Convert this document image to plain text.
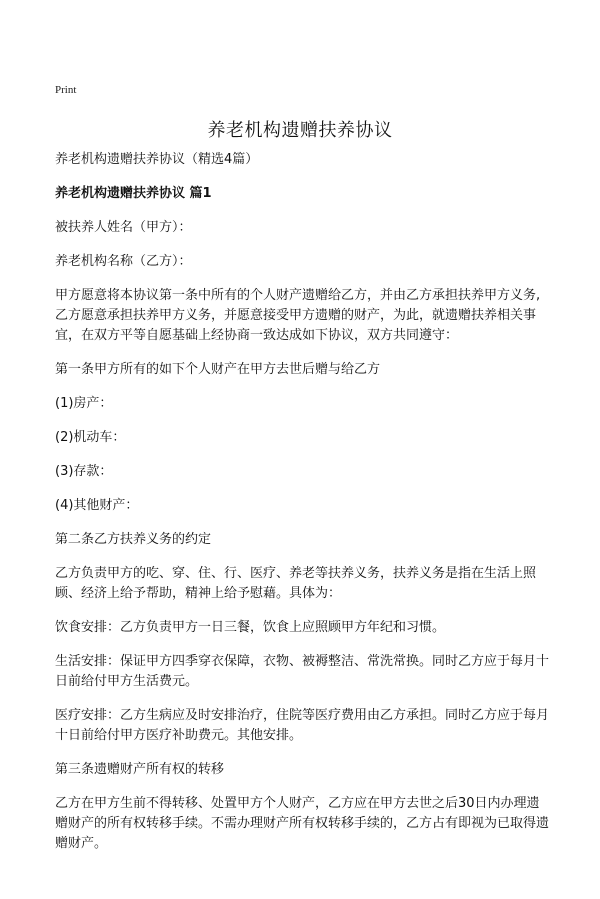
Print
养老机构遗赠扶养协议

养老机构遗赠扶养协议（精选4篇）

养老机构遗赠扶养协议 篇1

被扶养人姓名（甲方）：

养老机构名称（乙方）：

甲方愿意将本协议第一条中所有的个人财产遗赠给乙方，并由乙方承担扶养甲方义务,乙方愿意承担扶养甲方义务，并愿意接受甲方遗赠的财产，为此，就遗赠扶养相关事宜，在双方平等自愿基础上经协商一致达成如下协议，双方共同遵守：

第一条甲方所有的如下个人财产在甲方去世后赠与给乙方

(1)房产：

(2)机动车：

(3)存款：

(4)其他财产：

第二条乙方扶养义务的约定

乙方负责甲方的吃、穿、住、行、医疗、养老等扶养义务，扶养义务是指在生活上照顾、经济上给予帮助，精神上给予慰藉。具体为：

饮食安排：乙方负责甲方一日三餐，饮食上应照顾甲方年纪和习惯。

生活安排：保证甲方四季穿衣保障，衣物、被褥整洁、常洗常换。同时乙方应于每月十日前给付甲方生活费元。

医疗安排：乙方生病应及时安排治疗，住院等医疗费用由乙方承担。同时乙方应于每月十日前给付甲方医疗补助费元。其他安排。

第三条遗赠财产所有权的转移

乙方在甲方生前不得转移、处置甲方个人财产，乙方应在甲方去世之后30日内办理遗赠财产的所有权转移手续。不需办理财产所有权转移手续的，乙方占有即视为已取得遗赠财产。
